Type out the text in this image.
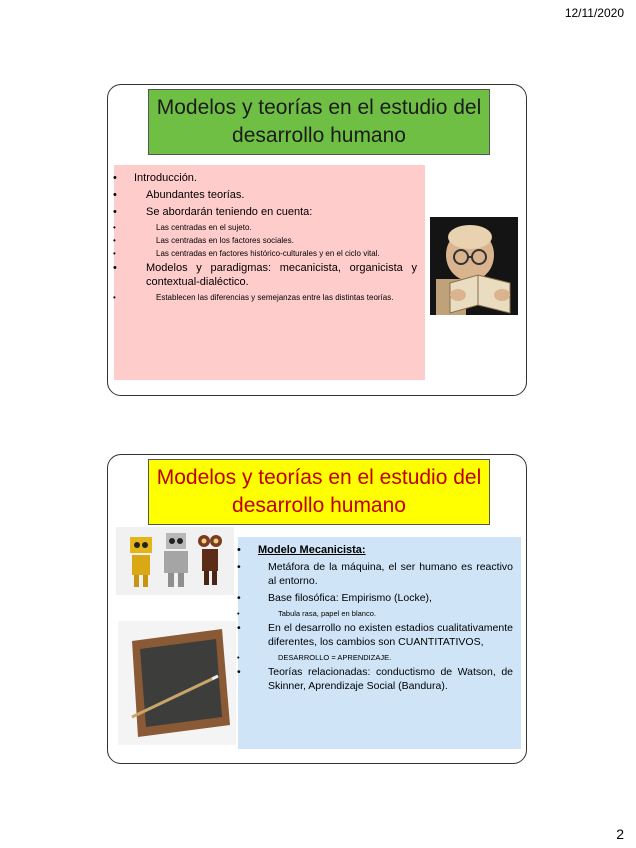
12/11/2020
Modelos y teorías en el estudio del desarrollo humano
• Introducción.
• Abundantes teorías.
• Se abordarán teniendo en cuenta:
• Las centradas en el sujeto.
• Las centradas en los factores sociales.
• Las centradas en factores histórico-culturales y en el ciclo vital.
• Modelos y paradigmas: mecanicista, organicista y contextual-dialéctico.
• Establecen las diferencias y semejanzas entre las distintas teorías.
Modelos y teorías en el estudio del desarrollo humano
• Modelo Mecanicista:
• Metáfora de la máquina, el ser humano es reactivo al entorno.
• Base filosófica: Empirismo (Locke),
• Tabula rasa, papel en blanco.
• En el desarrollo no existen estadios cualitativamente diferentes, los cambios son CUANTITATIVOS,
• DESARROLLO = APRENDIZAJE.
• Teorías relacionadas: conductismo de Watson, de Skinner, Aprendizaje Social (Bandura).
2
